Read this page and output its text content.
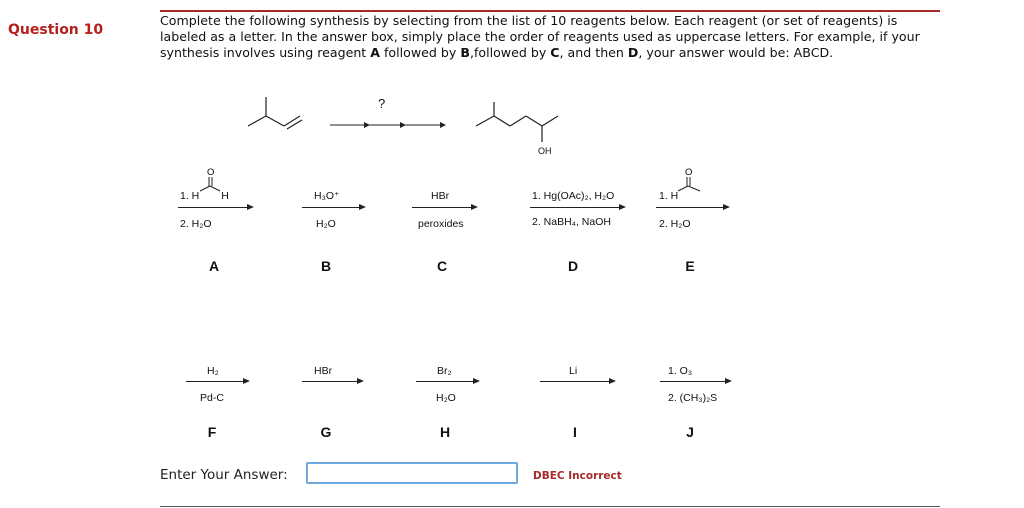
Question 10
Complete the following synthesis by selecting from the list of 10 reagents below. Each reagent (or set of reagents) is labeled as a letter. In the answer box, simply place the order of reagents used as uppercase letters. For example, if your synthesis involves using reagent A followed by B,followed by C, and then D, your answer would be: ABCD.
?
OH
O
1. H H
2. H₂O
A
H₃O⁺
H₂O
B
HBr
peroxides
C
1. Hg(OAc)₂, H₂O
2. NaBH₄, NaOH
D
O
1. H
2. H₂O
E
H₂
Pd-C
F
HBr
G
Br₂
H₂O
H
Li
I
1. O₃
2. (CH₃)₂S
J
Enter Your Answer:	DBEC Incorrect
